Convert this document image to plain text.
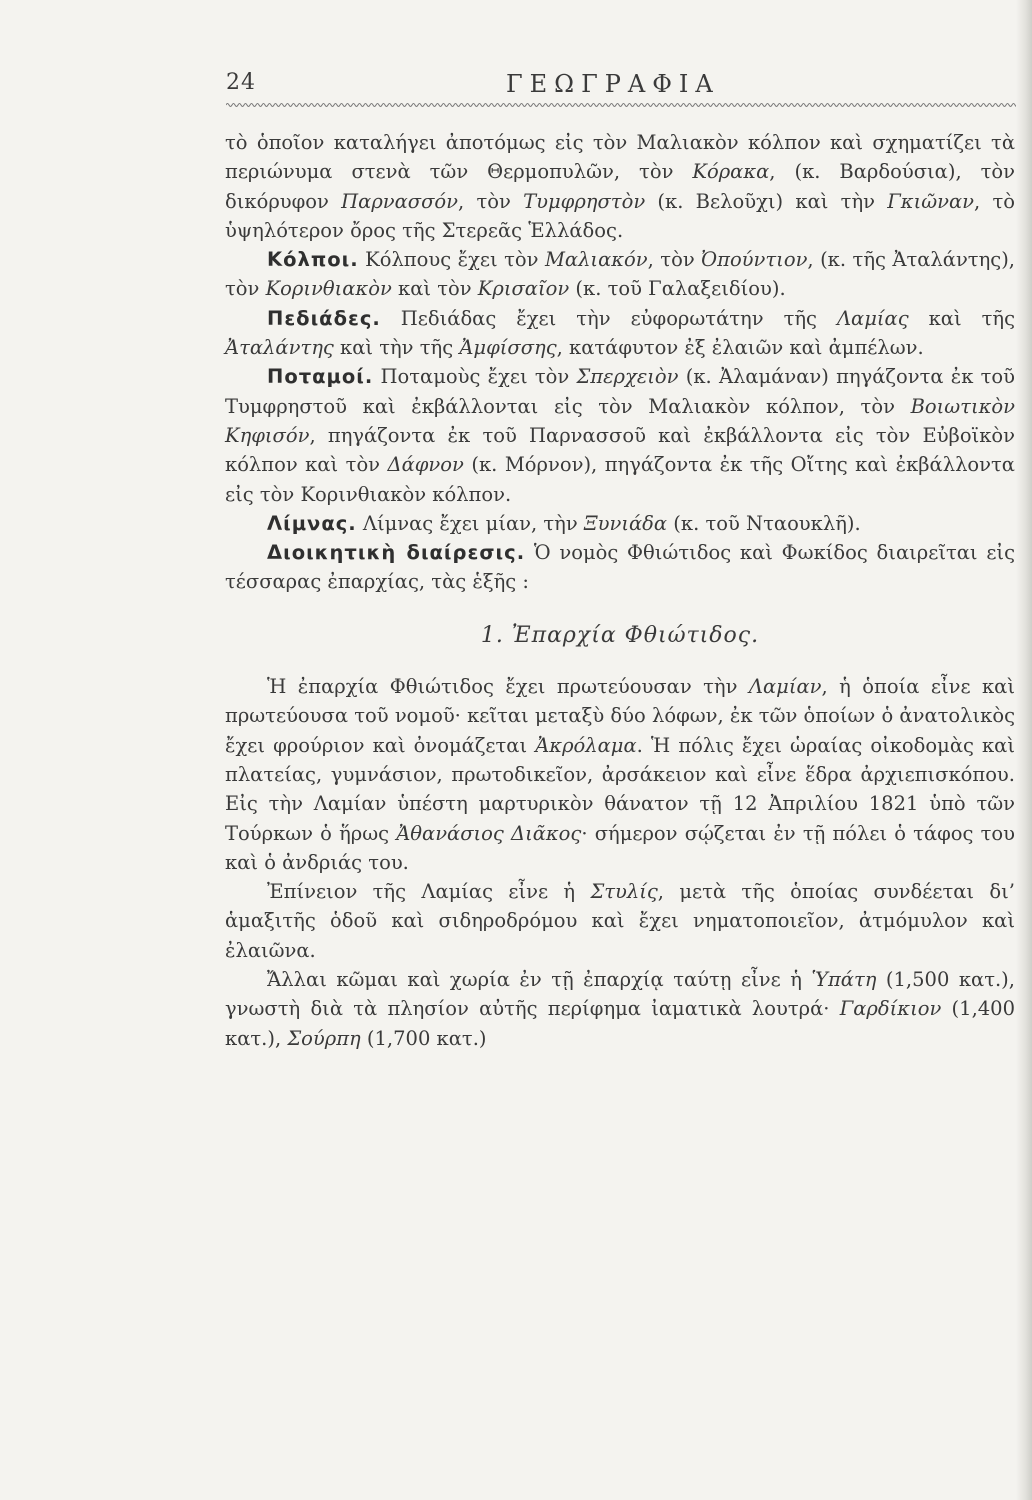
24	ΓΕΩΓΡΑΦΙΑ

τὸ ὁποῖον καταλήγει ἀποτόμως εἰς τὸν Μαλιακὸν κόλπον καὶ σχηματίζει τὰ περιώνυμα στενὰ τῶν Θερμοπυλῶν, τὸν Κόρακα, (κ. Βαρδούσια), τὸν δικόρυφον Παρνασσόν, τὸν Τυμφρηστὸν (κ. Βελοῦχι) καὶ τὴν Γκιῶναν, τὸ ὑψηλότερον ὄρος τῆς Στερεᾶς Ἑλλάδος.

Κόλποι. Κόλπους ἔχει τὸν Μαλιακόν, τὸν Ὀπούντιον, (κ. τῆς Ἀταλάντης), τὸν Κορινθιακὸν καὶ τὸν Κρισαῖον (κ. τοῦ Γαλαξειδίου).

Πεδιάδες. Πεδιάδας ἔχει τὴν εὐφορωτάτην τῆς Λαμίας καὶ τῆς Ἀταλάντης καὶ τὴν τῆς Ἀμφίσσης, κατάφυτον ἐξ ἐλαιῶν καὶ ἀμπέλων.

Ποταμοί. Ποταμοὺς ἔχει τὸν Σπερχειὸν (κ. Ἀλαμάναν) πηγάζοντα ἐκ τοῦ Τυμφρηστοῦ καὶ ἐκβάλλονται εἰς τὸν Μαλιακὸν κόλπον, τὸν Βοιωτικὸν Κηφισόν, πηγάζοντα ἐκ τοῦ Παρνασσοῦ καὶ ἐκβάλλοντα εἰς τὸν Εὐβοϊκὸν κόλπον καὶ τὸν Δάφνον (κ. Μόρνον), πηγάζοντα ἐκ τῆς Οἴτης καὶ ἐκβάλλοντα εἰς τὸν Κορινθιακὸν κόλπον.

Λίμνας. Λίμνας ἔχει μίαν, τὴν Ξυνιάδα (κ. τοῦ Νταουκλῆ).

Διοικητικὴ διαίρεσις. Ὁ νομὸς Φθιώτιδος καὶ Φωκίδος διαιρεῖται εἰς τέσσαρας ἐπαρχίας, τὰς ἑξῆς :

1. Ἐπαρχία Φθιώτιδος.

Ἡ ἐπαρχία Φθιώτιδος ἔχει πρωτεύουσαν τὴν Λαμίαν, ἡ ὁποία εἶνε καὶ πρωτεύουσα τοῦ νομοῦ· κεῖται μεταξὺ δύο λόφων, ἐκ τῶν ὁποίων ὁ ἀνατολικὸς ἔχει φρούριον καὶ ὀνομάζεται Ἀκρόλαμα. Ἡ πόλις ἔχει ὡραίας οἰκοδομὰς καὶ πλατείας, γυμνάσιον, πρωτοδικεῖον, ἀρσάκειον καὶ εἶνε ἕδρα ἀρχιεπισκόπου. Εἰς τὴν Λαμίαν ὑπέστη μαρτυρικὸν θάνατον τῇ 12 Ἀπριλίου 1821 ὑπὸ τῶν Τούρκων ὁ ἥρως Ἀθανάσιος Διᾶκος· σήμερον σῴζεται ἐν τῇ πόλει ὁ τάφος του καὶ ὁ ἀνδριάς του.

Ἐπίνειον τῆς Λαμίας εἶνε ἡ Στυλίς, μετὰ τῆς ὁποίας συνδέεται δι’ ἁμαξιτῆς ὁδοῦ καὶ σιδηροδρόμου καὶ ἔχει νηματοποιεῖον, ἀτμόμυλον καὶ ἐλαιῶνα.

Ἄλλαι κῶμαι καὶ χωρία ἐν τῇ ἐπαρχίᾳ ταύτῃ εἶνε ἡ Ὑπάτη (1,500 κατ.), γνωστὴ διὰ τὰ πλησίον αὐτῆς περίφημα ἰαματικὰ λουτρά· Γαρδίκιον (1,400 κατ.), Σούρπη (1,700 κατ.)
